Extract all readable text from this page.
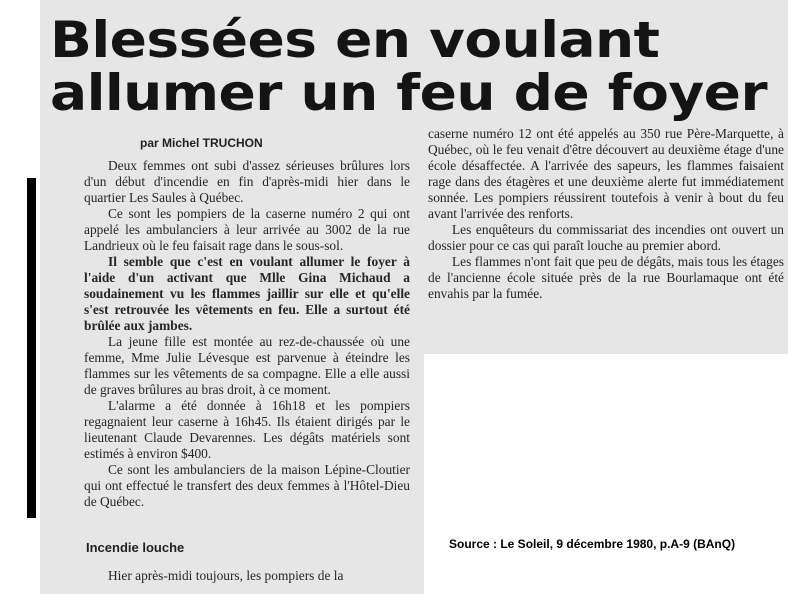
Blessées en voulant
allumer un feu de foyer
par Michel TRUCHON

Deux femmes ont subi d'assez sérieuses brûlures lors d'un début d'incendie en fin d'après-midi hier dans le quartier Les Saules à Québec.

Ce sont les pompiers de la caserne numéro 2 qui ont appelé les ambulanciers à leur arrivée au 3002 de la rue Landrieux où le feu faisait rage dans le sous-sol.

Il semble que c'est en voulant allumer le foyer à l'aide d'un activant que Mlle Gina Michaud a soudainement vu les flammes jaillir sur elle et qu'elle s'est retrouvée les vêtements en feu. Elle a surtout été brûlée aux jambes.

La jeune fille est montée au rez-de-chaussée où une femme, Mme Julie Lévesque est parvenue à éteindre les flammes sur les vêtements de sa compagne. Elle a elle aussi de graves brûlures au bras droit, à ce moment.

L'alarme a été donnée à 16h18 et les pompiers regagnaient leur caserne à 16h45. Ils étaient dirigés par le lieutenant Claude Devarennes. Les dégâts matériels sont estimés à environ $400.

Ce sont les ambulanciers de la maison Lépine-Cloutier qui ont effectué le transfert des deux femmes à l'Hôtel-Dieu de Québec.

Incendie louche
Hier après-midi toujours, les pompiers de la

caserne numéro 12 ont été appelés au 350 rue Père-Marquette, à Québec, où le feu venait d'être découvert au deuxième étage d'une école désaffectée. A l'arrivée des sapeurs, les flammes faisaient rage dans des étagères et une deuxième alerte fut immédiatement sonnée. Les pompiers réussirent toutefois à venir à bout du feu avant l'arrivée des renforts.

Les enquêteurs du commissariat des incendies ont ouvert un dossier pour ce cas qui paraît louche au premier abord.

Les flammes n'ont fait que peu de dégâts, mais tous les étages de l'ancienne école située près de la rue Bourlamaque ont été envahis par la fumée.

Source : Le Soleil, 9 décembre 1980, p.A-9 (BAnQ)
